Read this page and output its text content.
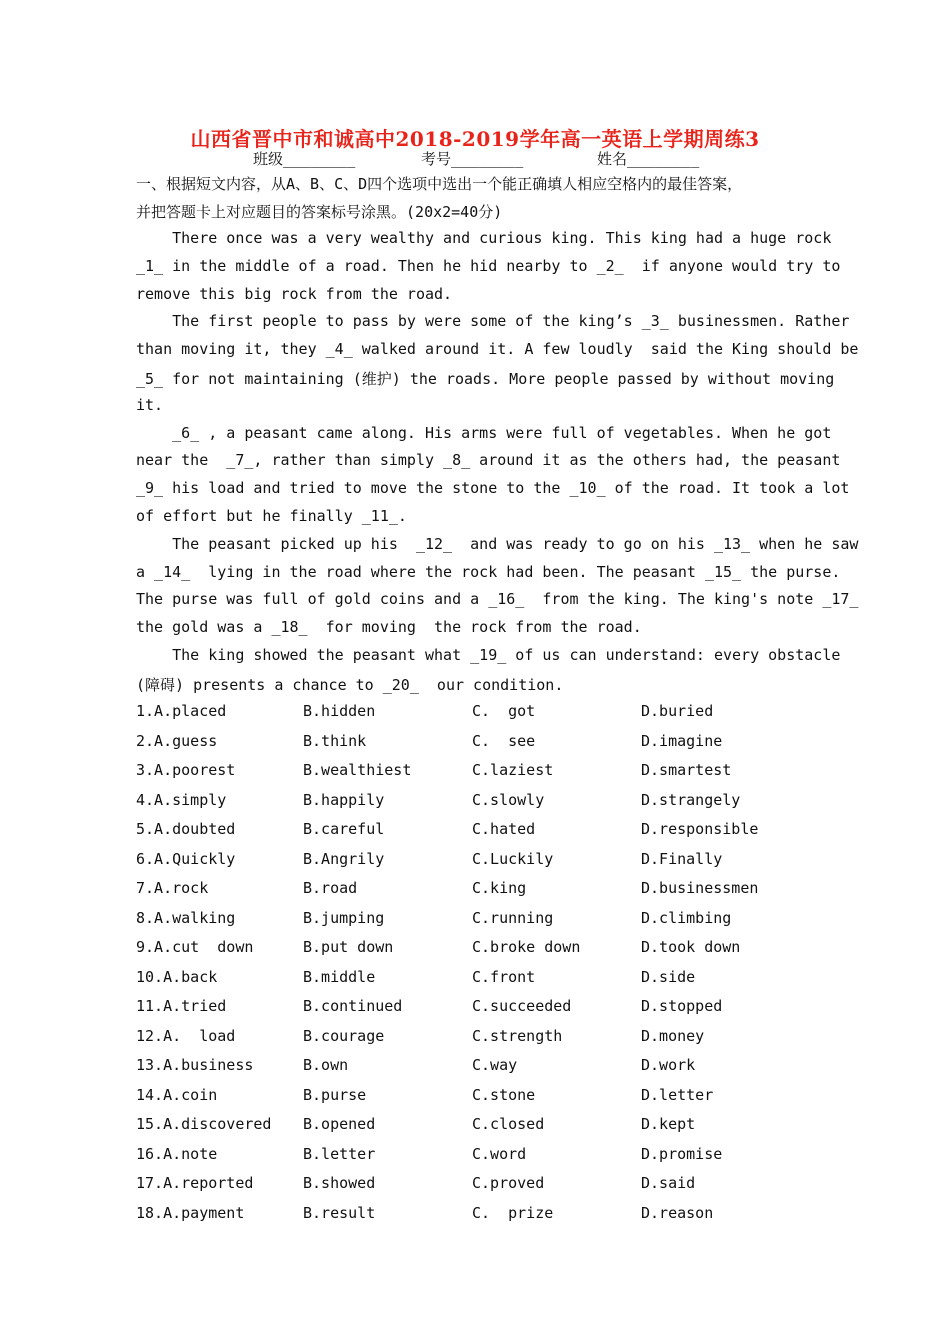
山西省晋中市和诚高中2018-2019学年高一英语上学期周练3
班级________	考号________	姓名________
一、根据短文内容，从A、B、C、D四个选项中选出一个能正确填人相应空格内的最佳答案，
并把答题卡上对应题目的答案标号涂黑。(20x2=40分)
There once was a very wealthy and curious king. This king had a huge rock
_1_ in the middle of a road. Then he hid nearby to _2_  if anyone would try to
remove this big rock from the road.
The first people to pass by were some of the king’s _3_ businessmen. Rather
than moving it, they _4_ walked around it. A few loudly  said the King should be
_5_ for not maintaining (维护) the roads. More people passed by without moving
it.
_6_ , a peasant came along. His arms were full of vegetables. When he got
near the  _7_, rather than simply _8_ around it as the others had, the peasant
_9_ his load and tried to move the stone to the _10_ of the road. It took a lot
of effort but he finally _11_.
The peasant picked up his  _12_  and was ready to go on his _13_ when he saw
a _14_  lying in the road where the rock had been. The peasant _15_ the purse.
The purse was full of gold coins and a _16_  from the king. The king's note _17_
the gold was a _18_  for moving  the rock from the road.
The king showed the peasant what _19_ of us can understand: every obstacle
(障碍) presents a chance to _20_  our condition.
1.A.placed	B.hidden	C.  got	D.buried
2.A.guess	B.think	C.  see	D.imagine
3.A.poorest	B.wealthiest	C.laziest	D.smartest
4.A.simply	B.happily	C.slowly	D.strangely
5.A.doubted	B.careful	C.hated	D.responsible
6.A.Quickly	B.Angrily	C.Luckily	D.Finally
7.A.rock	B.road	C.king	D.businessmen
8.A.walking	B.jumping	C.running	D.climbing
9.A.cut  down	B.put down	C.broke down	D.took down
10.A.back	B.middle	C.front	D.side
11.A.tried	B.continued	C.succeeded	D.stopped
12.A.  load	B.courage	C.strength	D.money
13.A.business	B.own	C.way	D.work
14.A.coin	B.purse	C.stone	D.letter
15.A.discovered B.opened	C.closed	D.kept
16.A.note	B.letter	C.word	D.promise
17.A.reported	B.showed	C.proved	D.said
18.A.payment	B.result	C.  prize	D.reason
